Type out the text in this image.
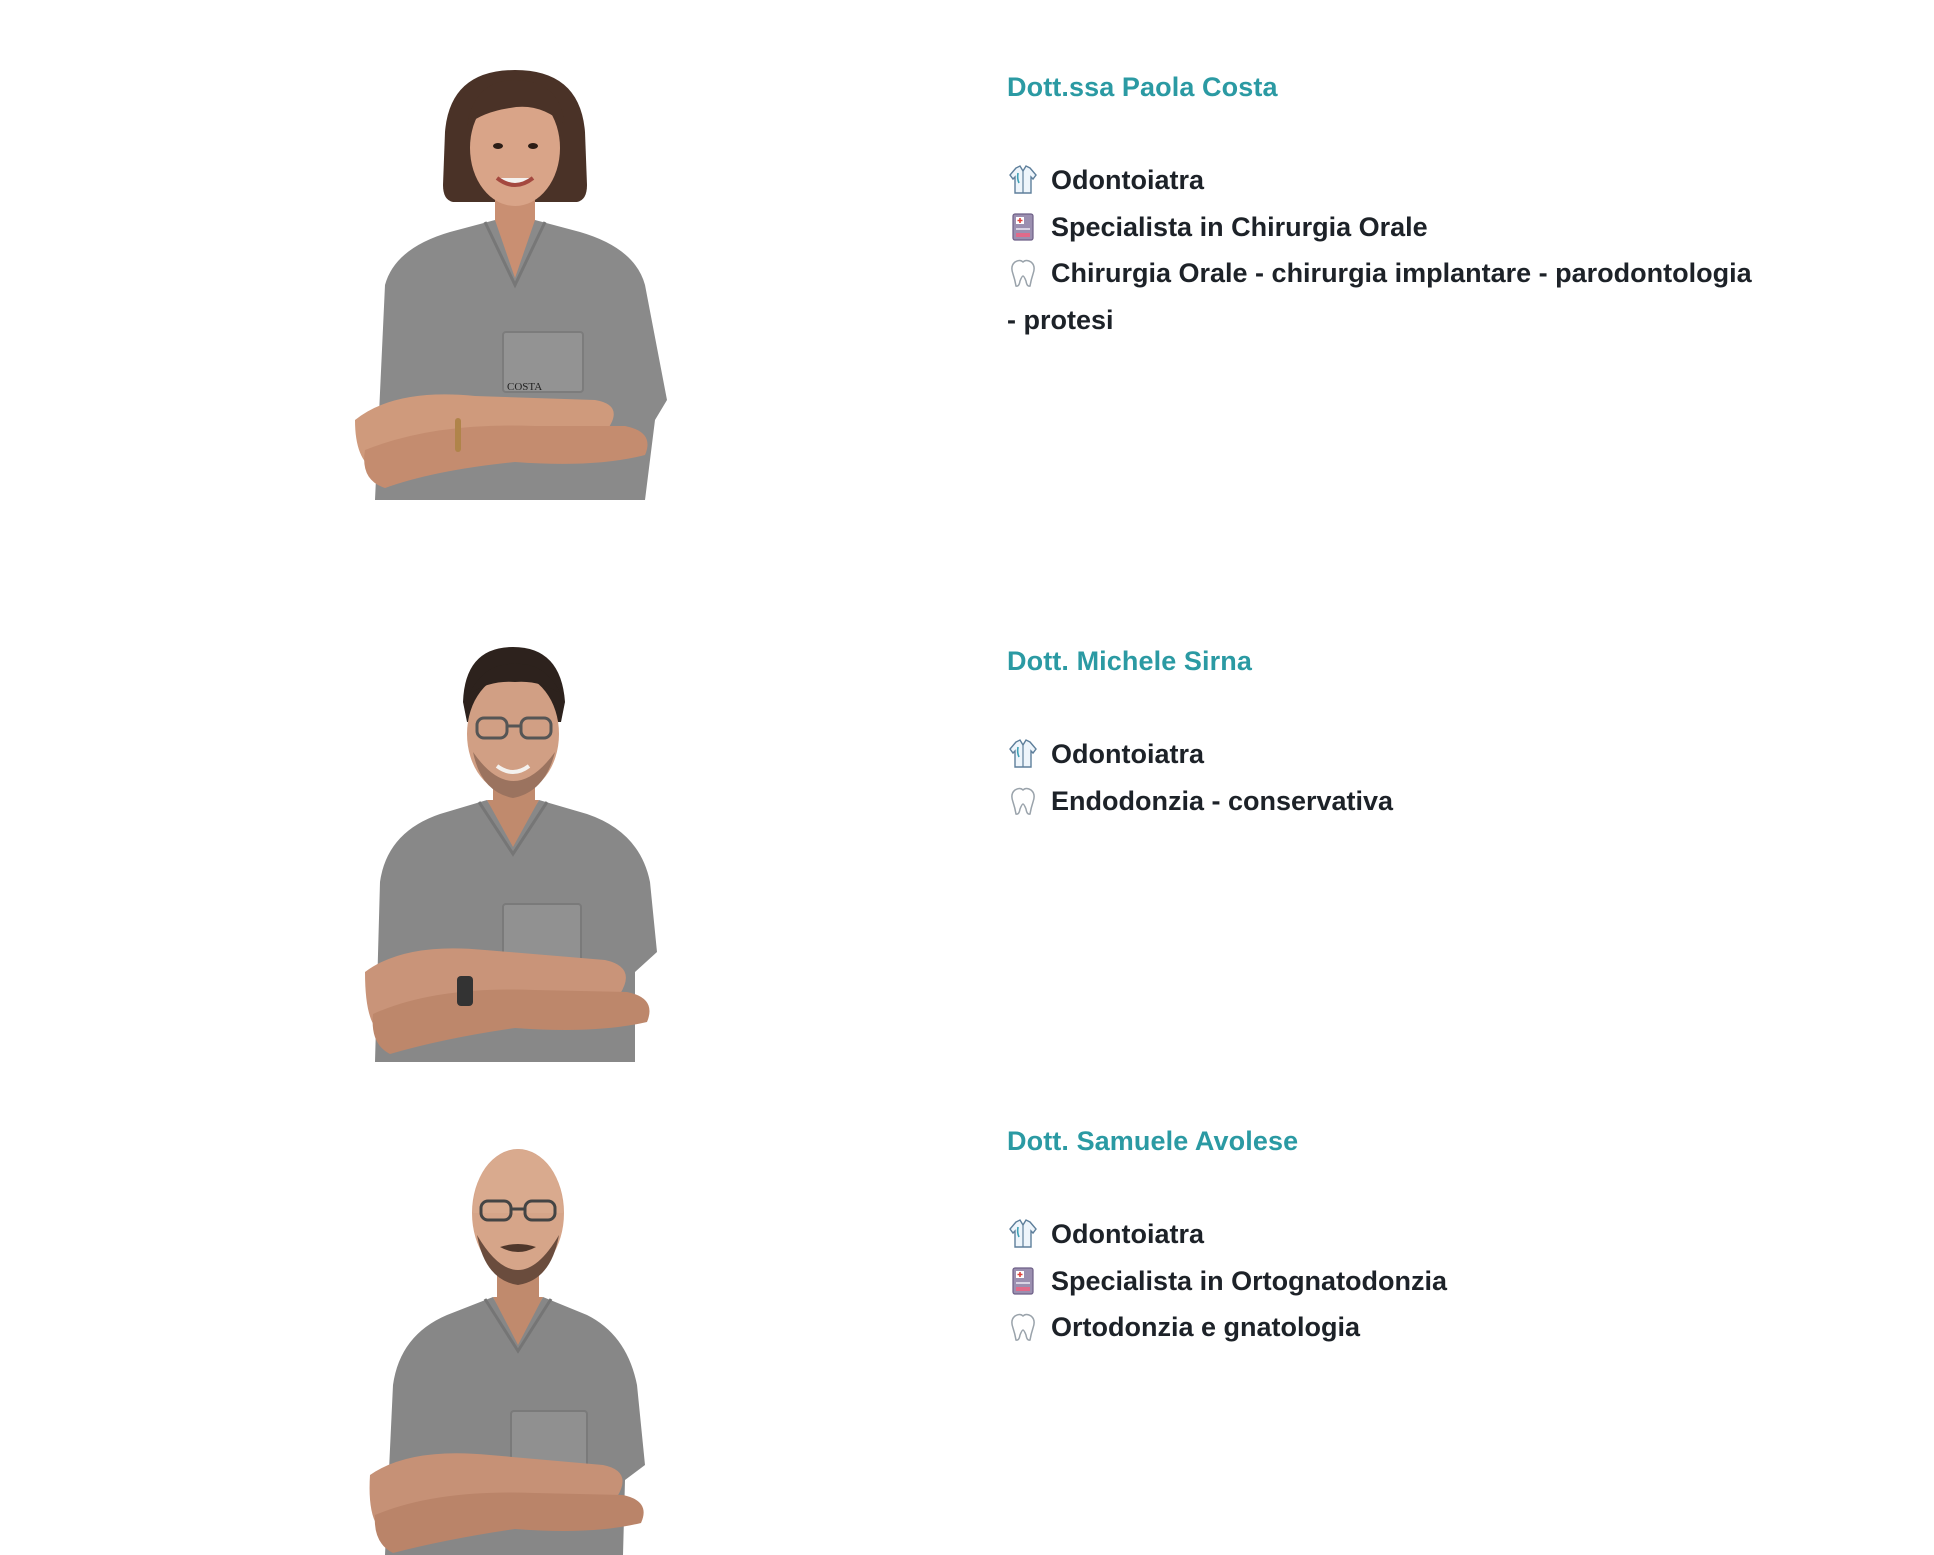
COSTA
Dott.ssa Paola Costa
Odontoiatra
Specialista in Chirurgia Orale
Chirurgia Orale - chirurgia implantare - parodontologia - protesi
Dott. Michele Sirna
Odontoiatra
Endodonzia - conservativa
Dott. Samuele Avolese
Odontoiatra
Specialista in Ortognatodonzia
Ortodonzia e gnatologia
